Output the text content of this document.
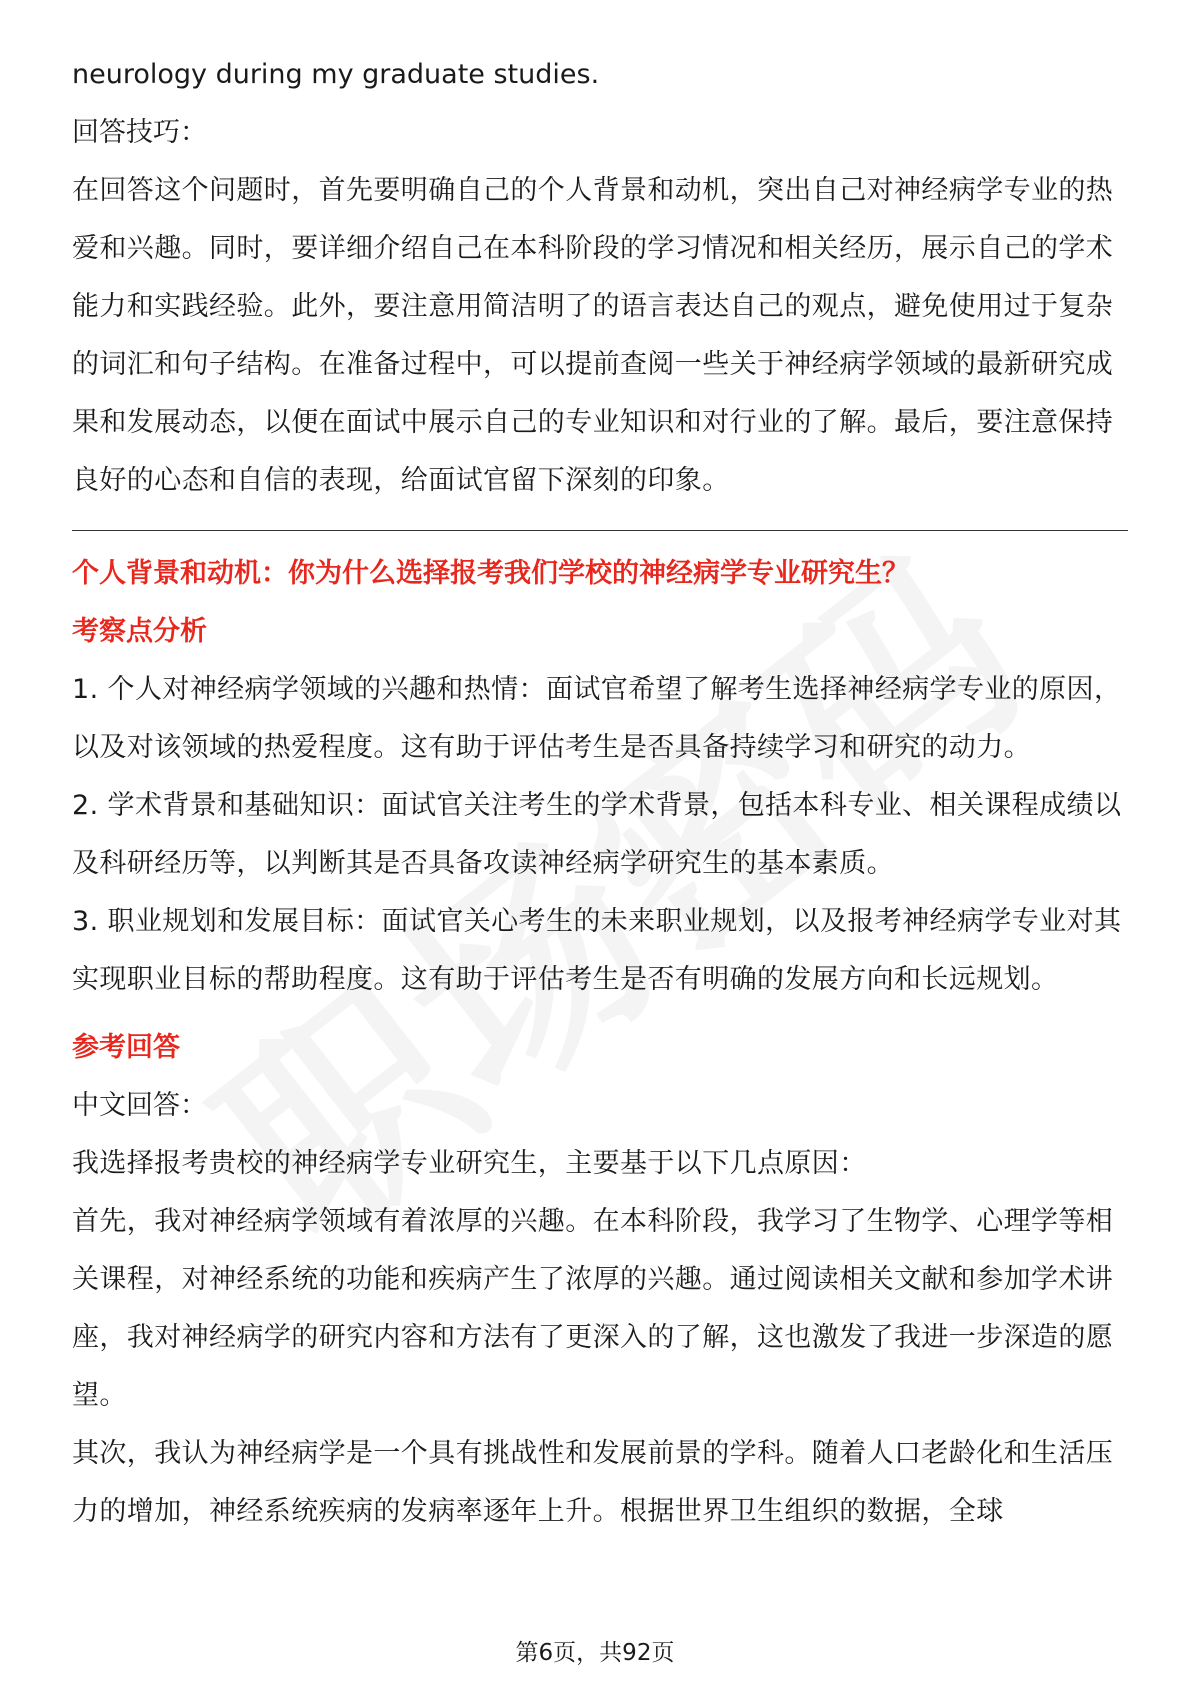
neurology during my graduate studies.

回答技巧：

在回答这个问题时，首先要明确自己的个人背景和动机，突出自己对神经病学专业的热爱和兴趣。同时，要详细介绍自己在本科阶段的学习情况和相关经历，展示自己的学术能力和实践经验。此外，要注意用简洁明了的语言表达自己的观点，避免使用过于复杂的词汇和句子结构。在准备过程中，可以提前查阅一些关于神经病学领域的最新研究成果和发展动态，以便在面试中展示自己的专业知识和对行业的了解。最后，要注意保持良好的心态和自信的表现，给面试官留下深刻的印象。

个人背景和动机：你为什么选择报考我们学校的神经病学专业研究生？

考察点分析

1. 个人对神经病学领域的兴趣和热情：面试官希望了解考生选择神经病学专业的原因，以及对该领域的热爱程度。这有助于评估考生是否具备持续学习和研究的动力。

2. 学术背景和基础知识：面试官关注考生的学术背景，包括本科专业、相关课程成绩以及科研经历等，以判断其是否具备攻读神经病学研究生的基本素质。

3. 职业规划和发展目标：面试官关心考生的未来职业规划，以及报考神经病学专业对其实现职业目标的帮助程度。这有助于评估考生是否有明确的发展方向和长远规划。

参考回答

中文回答：

我选择报考贵校的神经病学专业研究生，主要基于以下几点原因：

首先，我对神经病学领域有着浓厚的兴趣。在本科阶段，我学习了生物学、心理学等相关课程，对神经系统的功能和疾病产生了浓厚的兴趣。通过阅读相关文献和参加学术讲座，我对神经病学的研究内容和方法有了更深入的了解，这也激发了我进一步深造的愿望。

其次，我认为神经病学是一个具有挑战性和发展前景的学科。随着人口老龄化和生活压力的增加，神经系统疾病的发病率逐年上升。根据世界卫生组织的数据，全球

第6页，共92页
